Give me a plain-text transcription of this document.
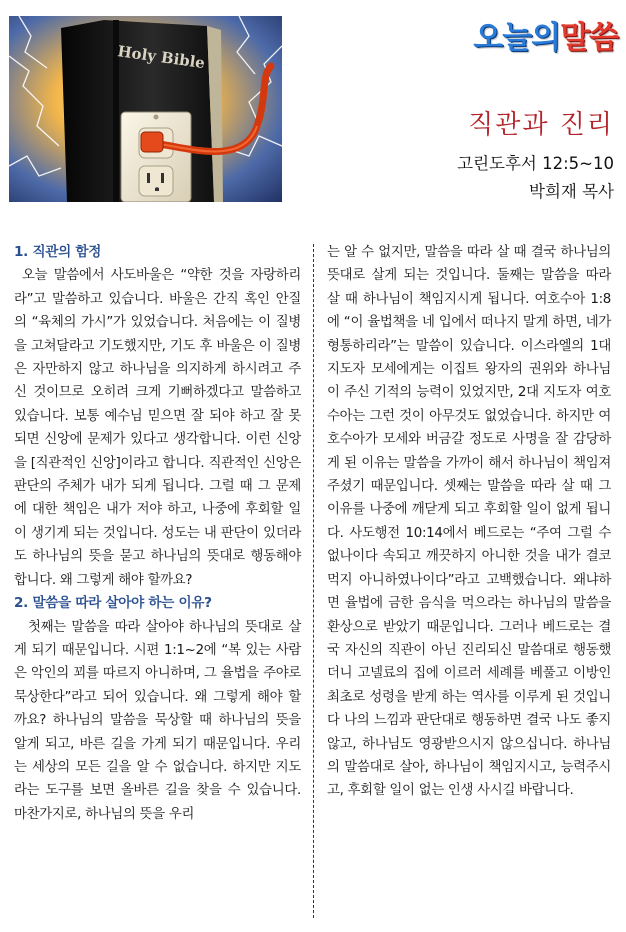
Holy Bible
오늘의말씀
직관과 진리
고린도후서 12:5~10
박희재 목사

1. 직관의 함정

오늘 말씀에서 사도바울은 “약한 것을 자랑하리라”고 말씀하고 있습니다. 바울은 간직 혹인 안질의 “육체의 가시”가 있었습니다. 처음에는 이 질병을 고쳐달라고 기도했지만, 기도 후 바울은 이 질병은 자만하지 않고 하나님을 의지하게 하시려고 주신 것이므로 오히려 크게 기뻐하겠다고 말씀하고 있습니다. 보통 예수님 믿으면 잘 되야 하고 잘 못되면 신앙에 문제가 있다고 생각합니다. 이런 신앙을 [직관적인 신앙]이라고 합니다. 직관적인 신앙은 판단의 주체가 내가 되게 됩니다. 그럴 때 그 문제에 대한 책임은 내가 저야 하고, 나중에 후회할 일이 생기게 되는 것입니다. 성도는 내 판단이 있더라도 하나님의 뜻을 묻고 하나님의 뜻대로 행동해야 합니다. 왜 그렇게 해야 할까요?

2. 말씀을 따라 살아야 하는 이유?

첫째는 말씀을 따라 살아야 하나님의 뜻대로 살게 되기 때문입니다. 시편 1:1~2에 “복 있는 사람은 악인의 꾀를 따르지 아니하며, 그 율법을 주야로 묵상한다”라고 되어 있습니다. 왜 그렇게 해야 할까요? 하나님의 말씀을 묵상할 때 하나님의 뜻을 알게 되고, 바른 길을 가게 되기 때문입니다. 우리는 세상의 모든 길을 알 수 없습니다. 하지만 지도라는 도구를 보면 올바른 길을 찾을 수 있습니다. 마찬가지로, 하나님의 뜻을 우리

는 알 수 없지만, 말씀을 따라 살 때 결국 하나님의 뜻대로 살게 되는 것입니다. 둘째는 말씀을 따라 살 때 하나님이 책임지시게 됩니다. 여호수아 1:8에 “이 율법책을 네 입에서 떠나지 말게 하면, 네가 형통하리라”는 말씀이 있습니다. 이스라엘의 1대 지도자 모세에게는 이집트 왕자의 권위와 하나님이 주신 기적의 능력이 있었지만, 2대 지도자 여호수아는 그런 것이 아무것도 없었습니다. 하지만 여호수아가 모세와 버금갈 정도로 사명을 잘 감당하게 된 이유는 말씀을 가까이 해서 하나님이 책임져 주셨기 때문입니다. 셋째는 말씀을 따라 살 때 그 이유를 나중에 깨닫게 되고 후회할 일이 없게 됩니다. 사도행전 10:14에서 베드로는 “주여 그럴 수 없나이다 속되고 깨끗하지 아니한 것을 내가 결코 먹지 아니하였나이다”라고 고백했습니다. 왜냐하면 율법에 금한 음식을 먹으라는 하나님의 말씀을 환상으로 받았기 때문입니다. 그러나 베드로는 결국 자신의 직관이 아닌 진리되신 말씀대로 행동했더니 고넬료의 집에 이르러 세례를 베풀고 이방인 최초로 성령을 받게 하는 역사를 이루게 된 것입니다 나의 느낌과 판단대로 행동하면 결국 나도 좋지 않고, 하나님도 영광받으시지 않으십니다. 하나님의 말씀대로 살아, 하나님이 책임지시고, 능력주시고, 후회할 일이 없는 인생 사시길 바랍니다.
